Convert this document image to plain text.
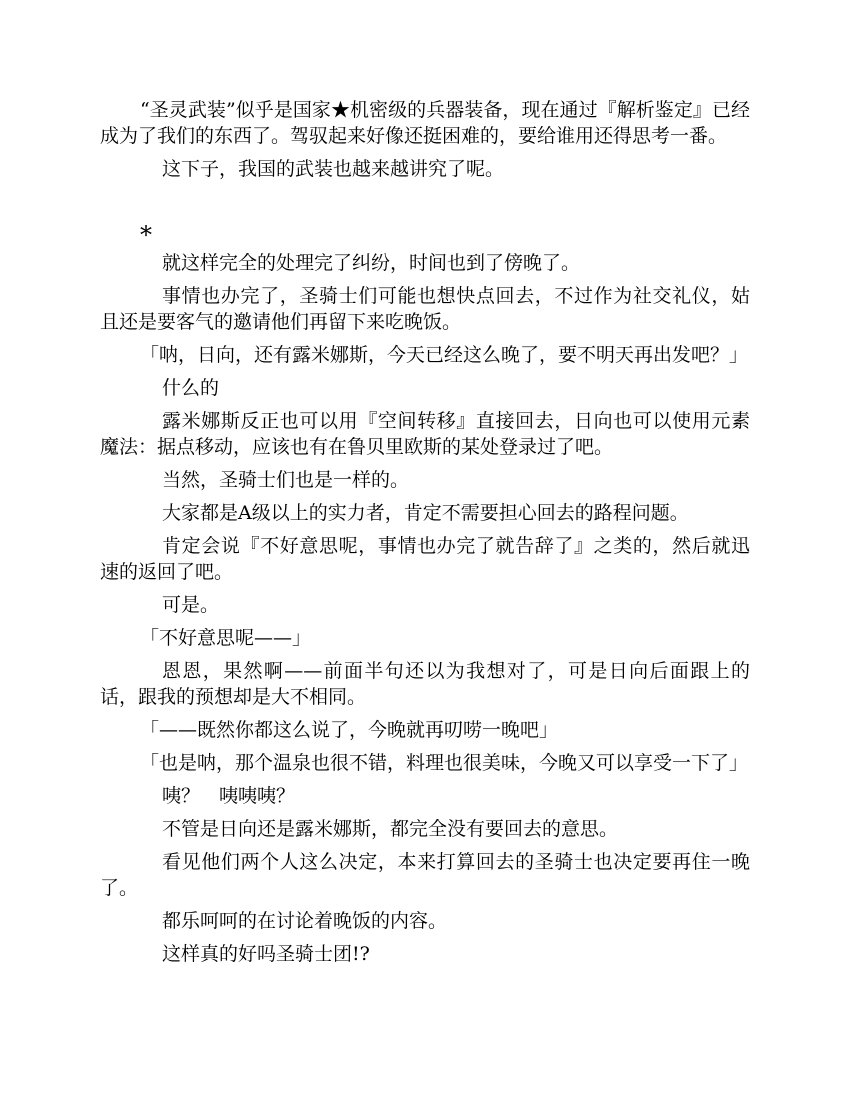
“圣灵武装”似乎是国家★机密级的兵器装备，现在通过『解析鉴定』已经成为了我们的东西了。驾驭起来好像还挺困难的，要给谁用还得思考一番。

这下子，我国的武装也越来越讲究了呢。

*

就这样完全的处理完了纠纷，时间也到了傍晚了。

事情也办完了，圣骑士们可能也想快点回去，不过作为社交礼仪，姑且还是要客气的邀请他们再留下来吃晚饭。

「呐，日向，还有露米娜斯，今天已经这么晚了，要不明天再出发吧？」

什么的

露米娜斯反正也可以用『空间转移』直接回去，日向也可以使用元素魔法：据点移动，应该也有在鲁贝里欧斯的某处登录过了吧。

当然，圣骑士们也是一样的。

大家都是A级以上的实力者，肯定不需要担心回去的路程问题。

肯定会说『不好意思呢，事情也办完了就告辞了』之类的，然后就迅速的返回了吧。

可是。

「不好意思呢——」

恩恩，果然啊——前面半句还以为我想对了，可是日向后面跟上的话，跟我的预想却是大不相同。

「——既然你都这么说了，今晚就再叨唠一晚吧」

「也是呐，那个温泉也很不错，料理也很美味，今晚又可以享受一下了」

咦？　咦咦咦？

不管是日向还是露米娜斯，都完全没有要回去的意思。

看见他们两个人这么决定，本来打算回去的圣骑士也决定要再住一晚了。

都乐呵呵的在讨论着晚饭的内容。

这样真的好吗圣骑士团!?
